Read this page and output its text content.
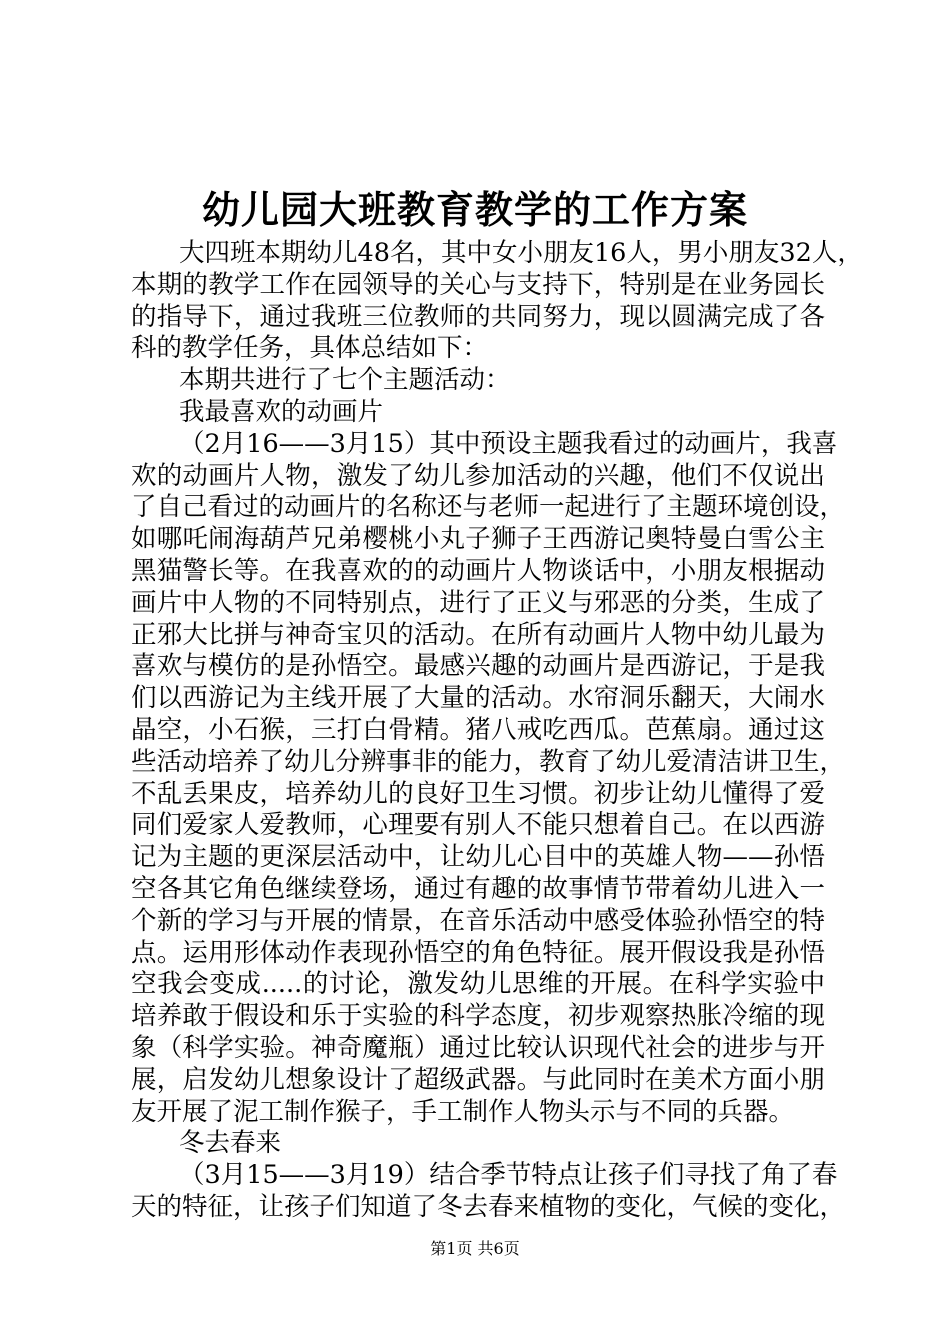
幼儿园大班教育教学的工作方案
大四班本期幼儿48名，其中女小朋友16人，男小朋友32人，
本期的教学工作在园领导的关心与支持下，特别是在业务园长
的指导下，通过我班三位教师的共同努力，现以圆满完成了各
科的教学任务，具体总结如下：
本期共进行了七个主题活动：
我最喜欢的动画片
（2月16——3月15）其中预设主题我看过的动画片，我喜
欢的动画片人物，激发了幼儿参加活动的兴趣，他们不仅说出
了自己看过的动画片的名称还与老师一起进行了主题环境创设，
如哪吒闹海葫芦兄弟樱桃小丸子狮子王西游记奥特曼白雪公主
黑猫警长等。在我喜欢的的动画片人物谈话中，小朋友根据动
画片中人物的不同特别点，进行了正义与邪恶的分类，生成了
正邪大比拼与神奇宝贝的活动。在所有动画片人物中幼儿最为
喜欢与模仿的是孙悟空。最感兴趣的动画片是西游记，于是我
们以西游记为主线开展了大量的活动。水帘洞乐翻天，大闹水
晶空，小石猴，三打白骨精。猪八戒吃西瓜。芭蕉扇。通过这
些活动培养了幼儿分辨事非的能力，教育了幼儿爱清洁讲卫生，
不乱丢果皮，培养幼儿的良好卫生习惯。初步让幼儿懂得了爱
同们爱家人爱教师，心理要有别人不能只想着自己。在以西游
记为主题的更深层活动中，让幼儿心目中的英雄人物——孙悟
空各其它角色继续登场，通过有趣的故事情节带着幼儿进入一
个新的学习与开展的情景，在音乐活动中感受体验孙悟空的特
点。运用形体动作表现孙悟空的角色特征。展开假设我是孙悟
空我会变成.....的讨论，激发幼儿思维的开展。在科学实验中
培养敢于假设和乐于实验的科学态度，初步观察热胀冷缩的现
象（科学实验。神奇魔瓶）通过比较认识现代社会的进步与开
展，启发幼儿想象设计了超级武器。与此同时在美术方面小朋
友开展了泥工制作猴子，手工制作人物头示与不同的兵器。
冬去春来
（3月15——3月19）结合季节特点让孩子们寻找了角了春
天的特征，让孩子们知道了冬去春来植物的变化，气候的变化，
第1页 共6页
